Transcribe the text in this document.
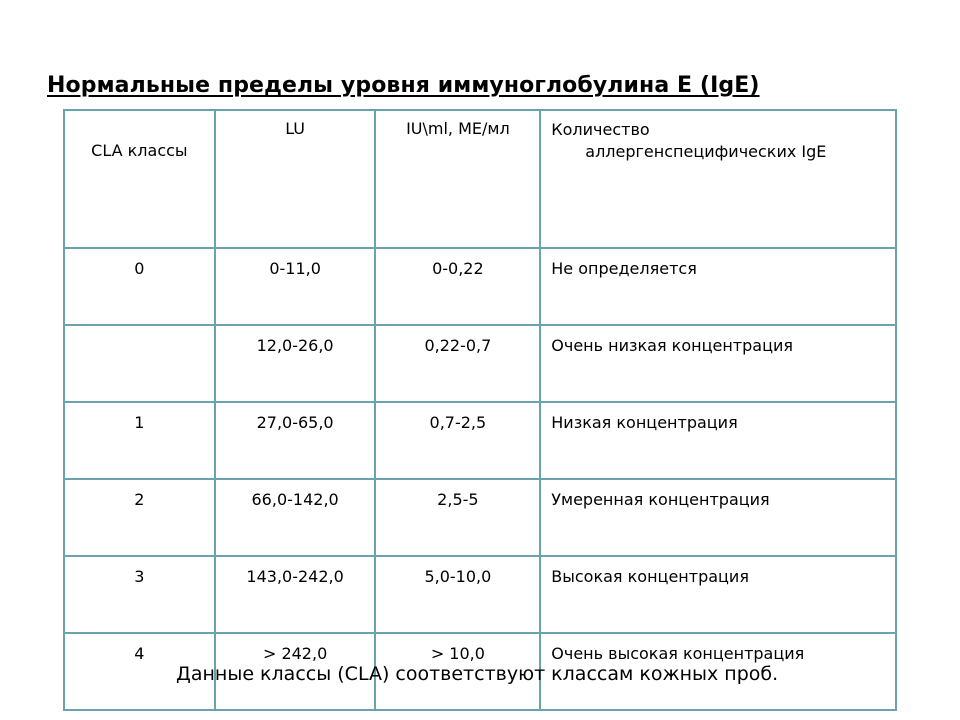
Нормальные пределы уровня иммуноглобулина E (IgE)
CLA классы	LU	IU\ml, МЕ/мл	Количество
аллергенспецифических IgE

0	0-11,0	0-0,22	Не определяется
	12,0-26,0	0,22-0,7	Очень низкая концентрация
1	27,0-65,0	0,7-2,5	Низкая концентрация
2	66,0-142,0	2,5-5	Умеренная концентрация
3	143,0-242,0	5,0-10,0	Высокая концентрация
4	> 242,0	> 10,0	Очень высокая концентрация
Данные классы (CLA) соответствуют классам кожных проб.
